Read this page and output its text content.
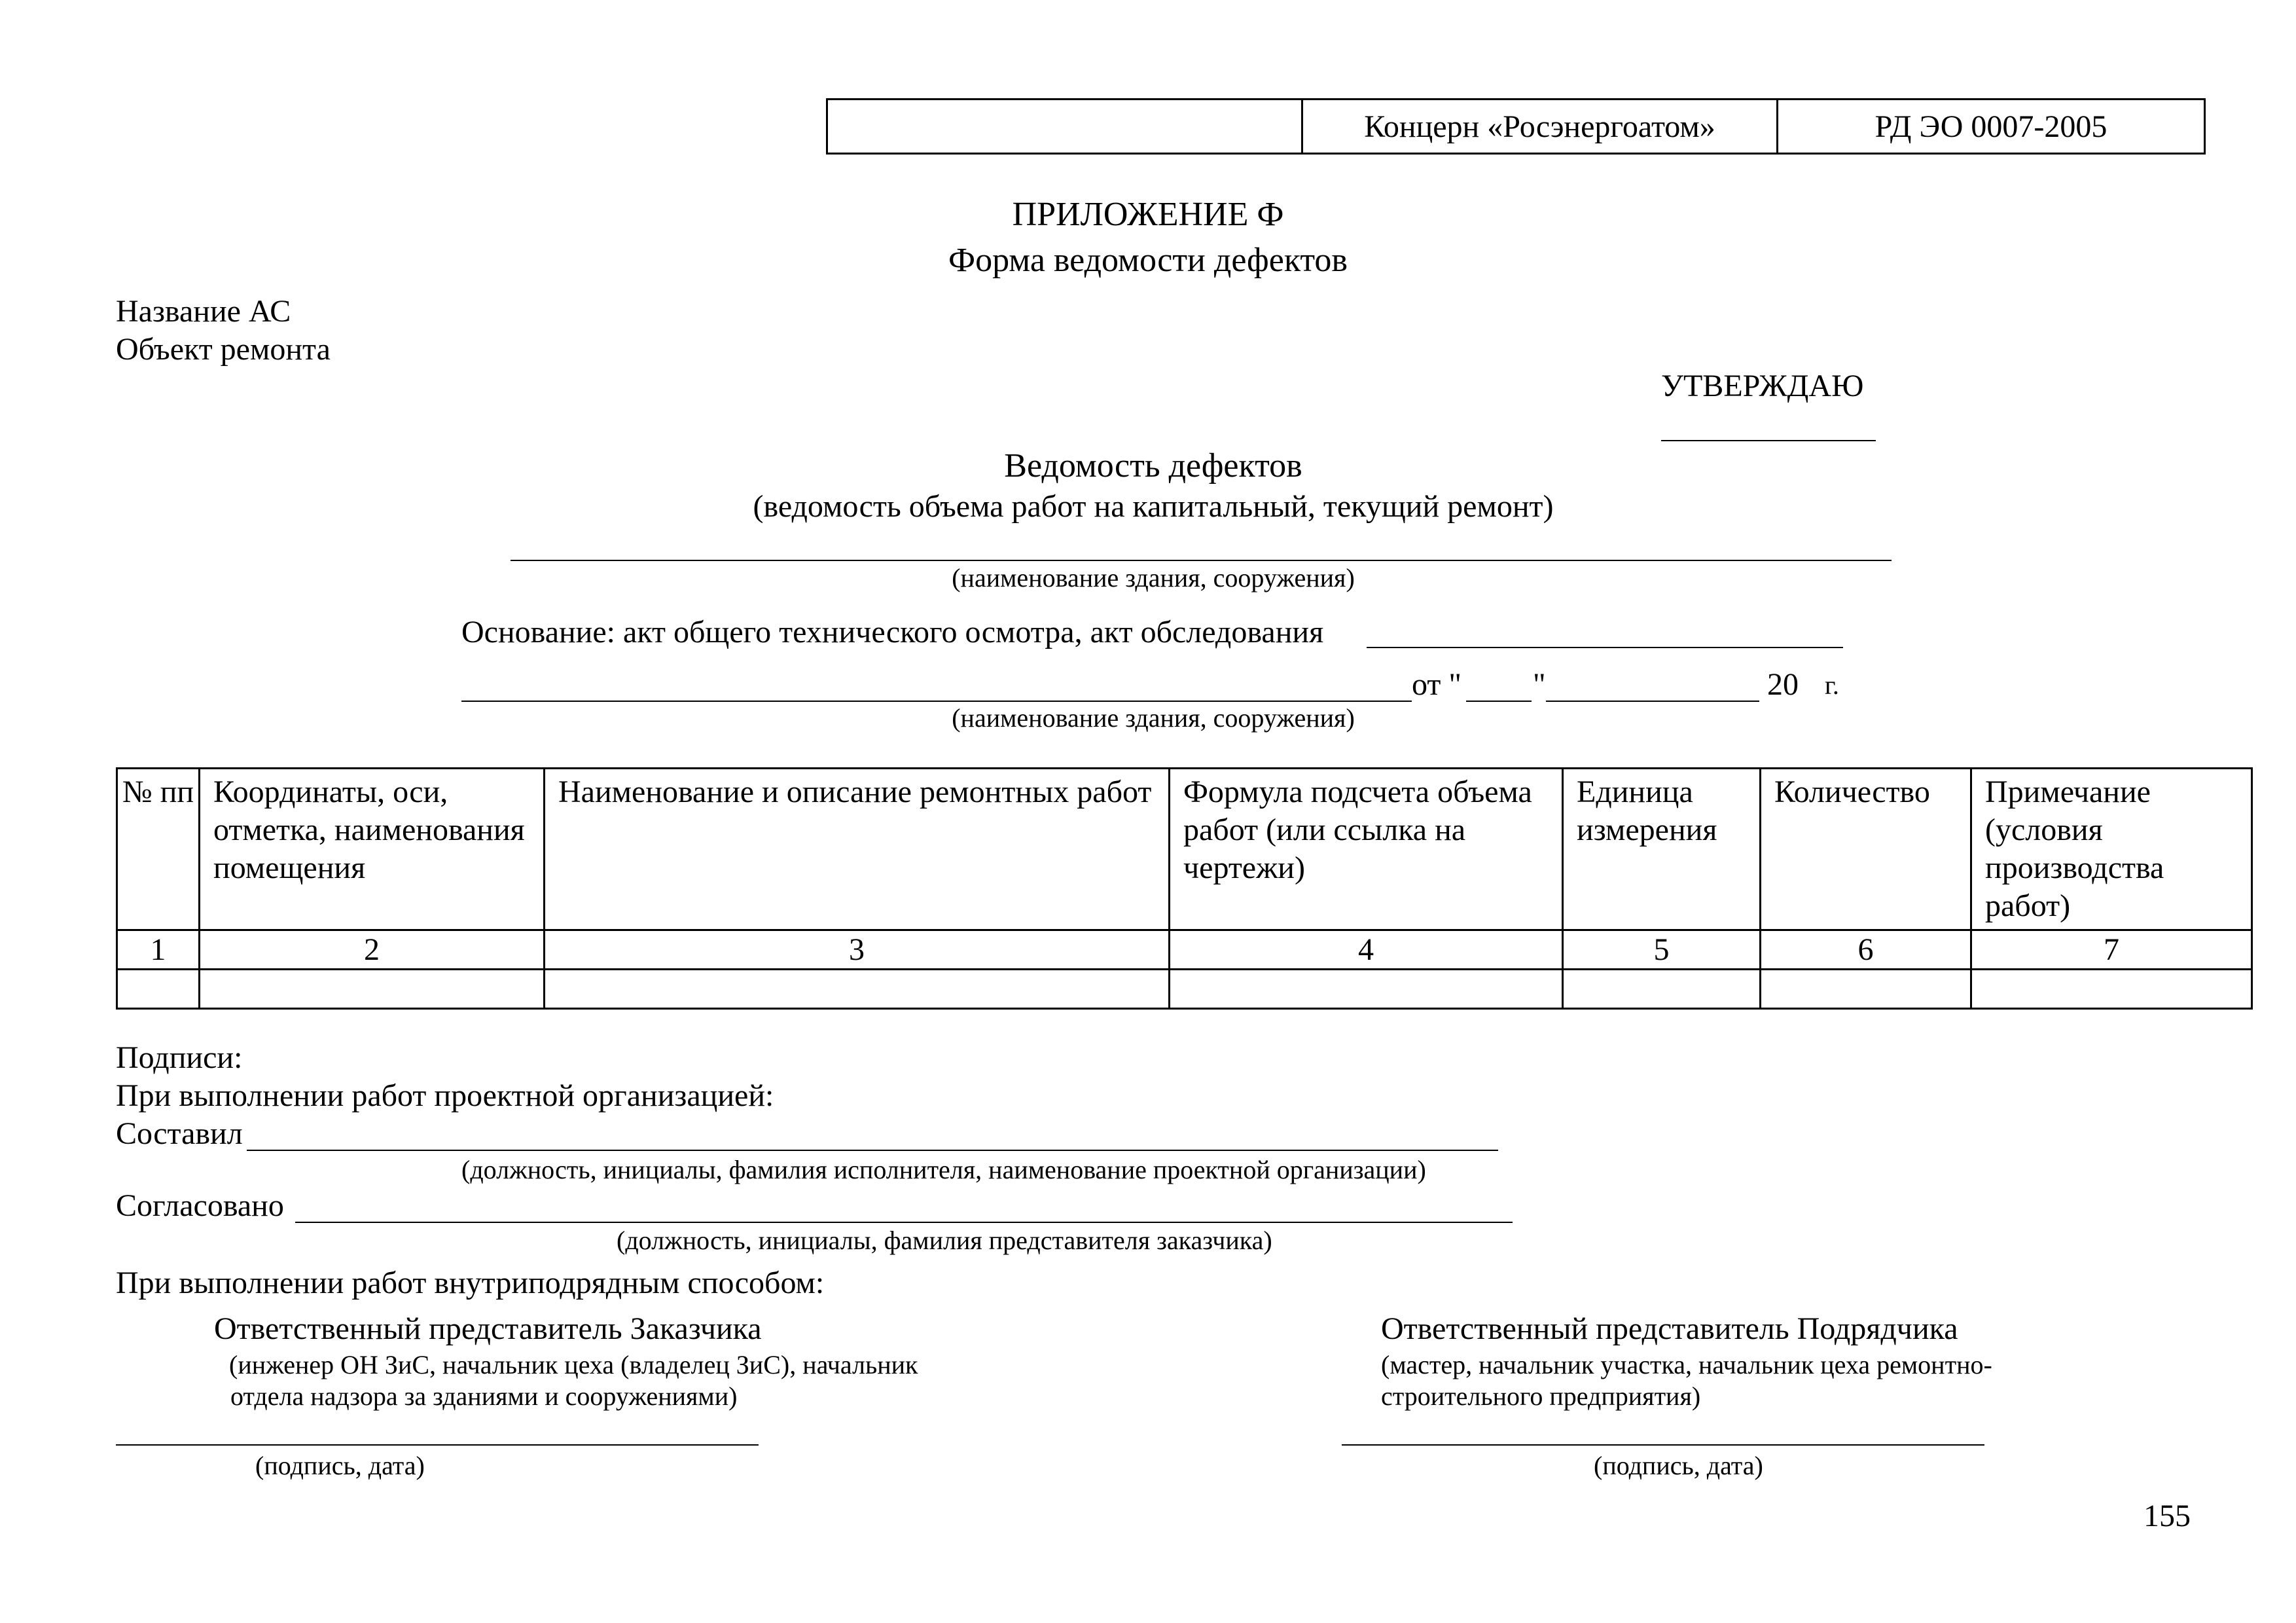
Концерн «Росэнергоатом»	РД ЭО 0007-2005
ПРИЛОЖЕНИЕ Ф
Форма ведомости дефектов
Название АС
Объект ремонта
УТВЕРЖДАЮ
Ведомость дефектов
(ведомость объема работ на капитальный, текущий ремонт)
(наименование здания, сооружения)
Основание: акт общего технического осмотра, акт обследования
от " "	20 г.
(наименование здания, сооружения)
№ пп	Координаты, оси, отметка, наименования помещения	Наименование и описание ремонтных работ	Формула подсчета объема работ (или ссылка на чертежи)	Единица измерения	Количество	Примечание (условия производства работ)
1	2	3	4	5	6	7

Подписи:
При выполнении работ проектной организацией:
Составил
(должность, инициалы, фамилия исполнителя, наименование проектной организации)
Согласовано
(должность, инициалы, фамилия представителя заказчика)
При выполнении работ внутриподрядным способом:
Ответственный представитель Заказчика
(инженер ОН ЗиС, начальник цеха (владелец ЗиС), начальник
отдела надзора за зданиями и сооружениями)
(подпись, дата)
Ответственный представитель Подрядчика
(мастер, начальник участка, начальник цеха ремонтно-
строительного предприятия)
(подпись, дата)
155
